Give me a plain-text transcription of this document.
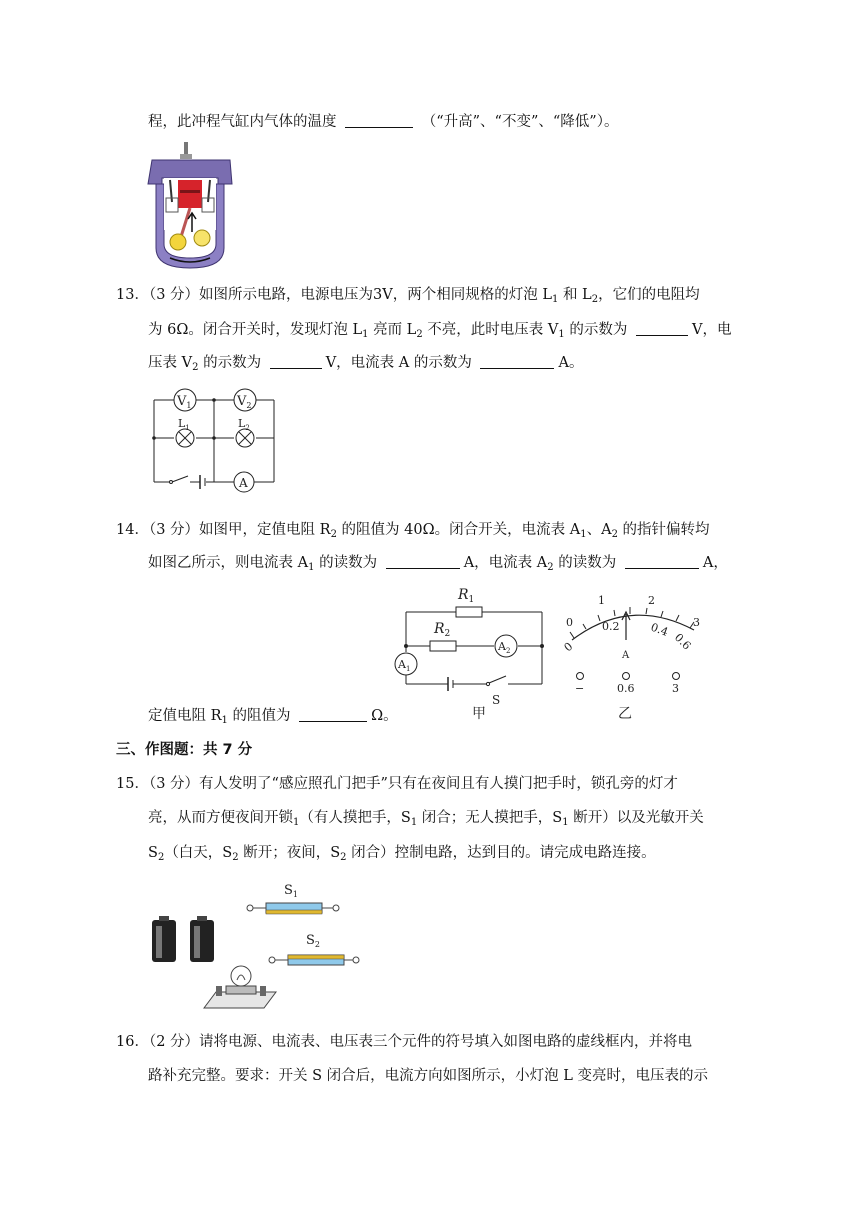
程，此冲程气缸内气体的温度	（“升高”、“不变”、“降低”）。
13．（3 分）如图所示电路，电源电压为3V，两个相同规格的灯泡 $L_1$ 和 $L_2$，它们的电阻均
为 6Ω。闭合开关时，发现灯泡 $L_1$ 亮而 $L_2$ 不亮，此时电压表 $V_1$ 的示数为	V，电
压表 $V_2$ 的示数为	V，电流表 A 的示数为	A。
$V_1$	$V_2$
$L_1$	$L_2$
A
14．（3 分）如图甲，定值电阻 $R_2$ 的阻值为 40Ω。闭合开关，电流表 $A_1$、$A_2$ 的指针偏转均
如图乙所示，则电流表 $A_1$ 的读数为	A，电流表 $A_2$ 的读数为	A，
$R_1$
$R_2$
$A_2$
$A_1$
S
甲
0
1	2
3
0
0.2	0.4
0.6
A
−	0.6	3
乙
定值电阻 $R_1$ 的阻值为	Ω。
三、作图题：共 7 分
15．（3 分）有人发明了“感应照孔门把手”只有在夜间且有人摸门把手时，锁孔旁的灯才
亮，从而方便夜间开锁$_1$（有人摸把手，$S_1$ 闭合；无人摸把手，$S_1$ 断开）以及光敏开关
$S_2$（白天，$S_2$ 断开；夜间，$S_2$ 闭合）控制电路，达到目的。请完成电路连接。
$S_1$
$S_2$
16．（2 分）请将电源、电流表、电压表三个元件的符号填入如图电路的虚线框内，并将电
路补充完整。要求：开关 S 闭合后，电流方向如图所示，小灯泡 L 变亮时，电压表的示
